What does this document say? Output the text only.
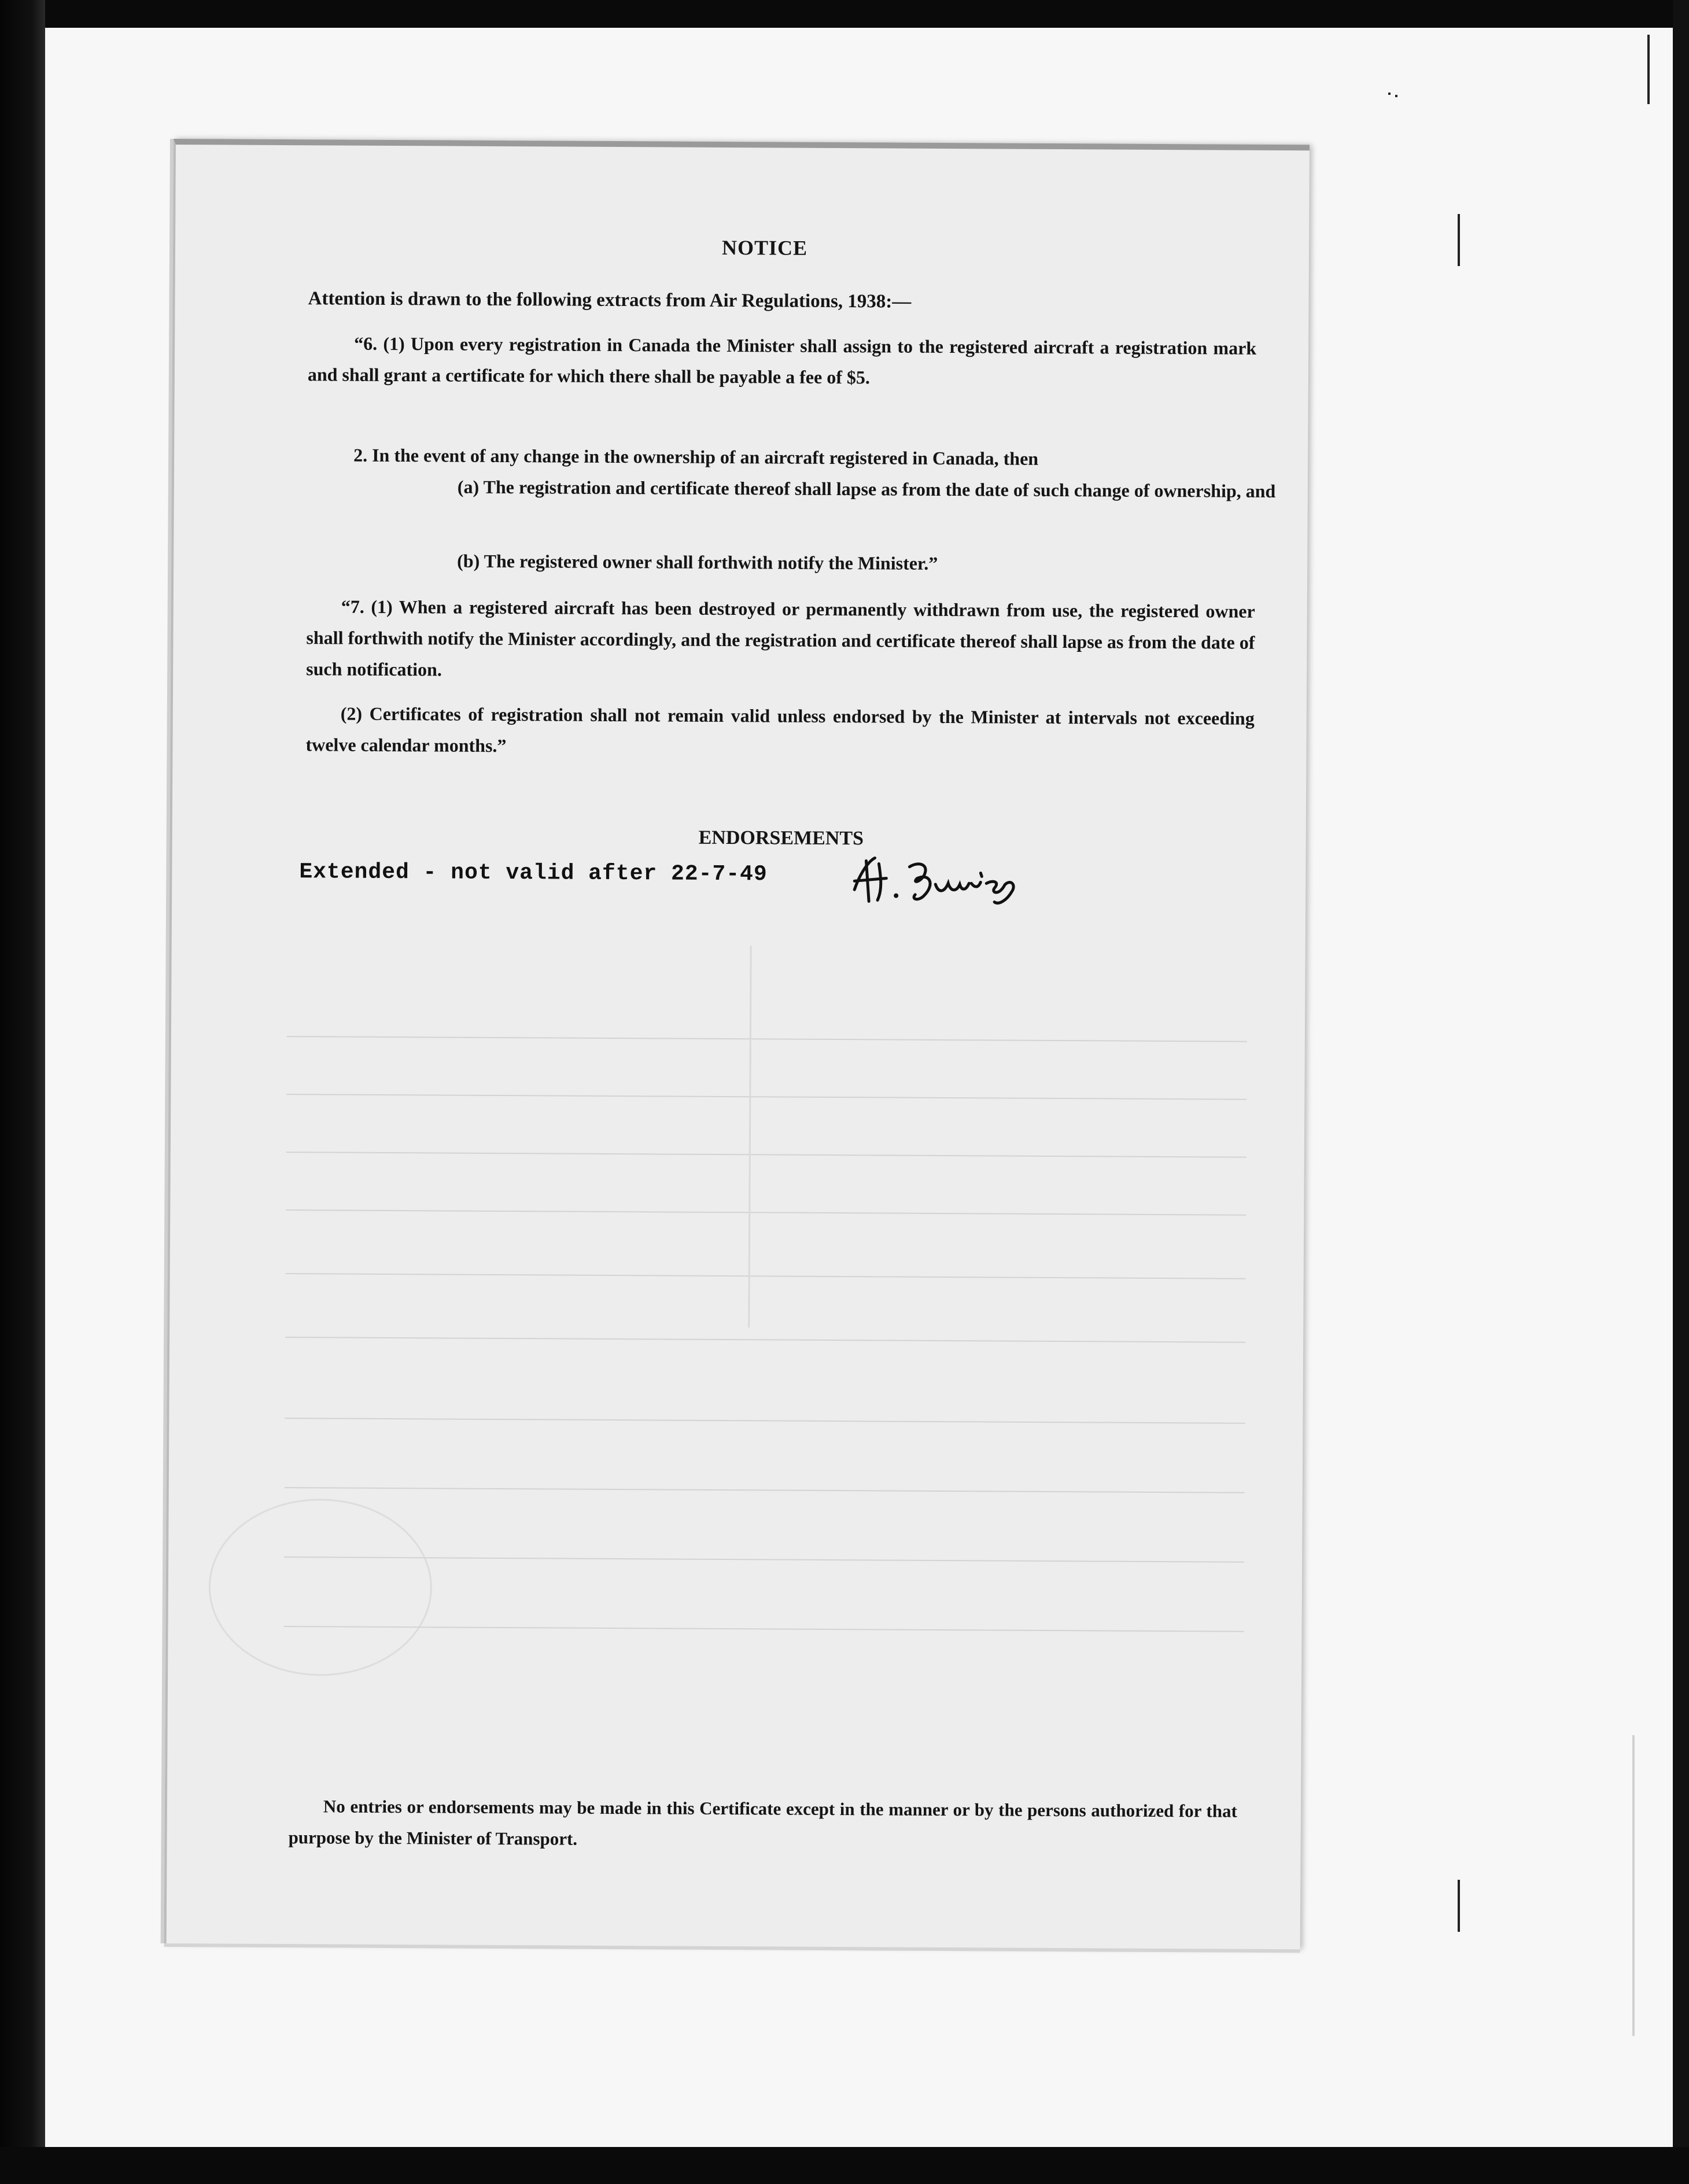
NOTICE
Attention is drawn to the following extracts from Air Regulations, 1938:—
“6. (1) Upon every registration in Canada the Minister shall assign to the registered aircraft a registration mark and shall grant a certificate for which there shall be payable a fee of $5.
2. In the event of any change in the ownership of an aircraft registered in Canada, then
(a) The registration and certificate thereof shall lapse as from the date of such change of ownership, and
(b) The registered owner shall forthwith notify the Minister.”
“7. (1) When a registered aircraft has been destroyed or permanently withdrawn from use, the registered owner shall forthwith notify the Minister accordingly, and the registration and certificate thereof shall lapse as from the date of such notification.
(2) Certificates of registration shall not remain valid unless endorsed by the Minister at intervals not exceeding twelve calendar months.”
ENDORSEMENTS
Extended - not valid after 22-7-49
No entries or endorsements may be made in this Certificate except in the manner or by the persons authorized for that purpose by the Minister of Transport.
